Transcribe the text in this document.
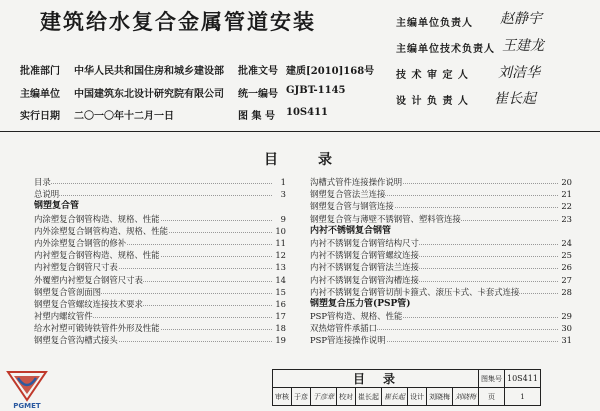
建筑给水复合金属管道安装
批准部门 中华人民共和国住房和城乡建设部 批准文号 建质[2010]168号
主编单位 中国建筑东北设计研究院有限公司 统一编号 GJBT-1145
实行日期 二〇一〇年十二月一日	图 集 号 10S411
主编单位负责人 赵静宇
主编单位技术负责人 王建龙
技 术 审 定 人 刘洁华
设 计 负 责 人 崔长起
目　　录
目录	1
总说明	3
钢塑复合管
内涂塑复合钢管构造、规格、性能	9
内外涂塑复合钢管构造、规格、性能	10
内外涂塑复合钢管的修补	11
内衬塑复合钢管构造、规格、性能	12
内衬塑复合钢管尺寸表	13
外覆塑内衬塑复合钢管尺寸表	14
钢塑复合管剖面图	15
钢塑复合管螺纹连接技术要求	16
衬塑内螺纹管件	17
给水衬塑可锻铸铁管件外形及性能	18
钢塑复合管沟槽式接头	19
沟槽式管件连接操作说明	20
钢塑复合管法兰连接	21
钢塑复合管与钢管连接	22
钢塑复合管与薄壁不锈钢管、塑料管连接	23
内衬不锈钢复合钢管
内衬不锈钢复合钢管结构尺寸	24
内衬不锈钢复合钢管螺纹连接	25
内衬不锈钢复合钢管法兰连接	26
内衬不锈钢复合钢管沟槽连接	27
内衬不锈钢复合钢管切削卡箍式、滚压卡式、卡套式连接	28
钢塑复合压力管(PSP管)
PSP管构造、规格、性能	29
双热熔管件承插口	30
PSP管连接操作说明	31
PGMET
目　录									图集号	10S411
审核	于彦	于彦章	校对	崔长起	崔长起	设计	刘晓梅	刘晓梅	页	1
